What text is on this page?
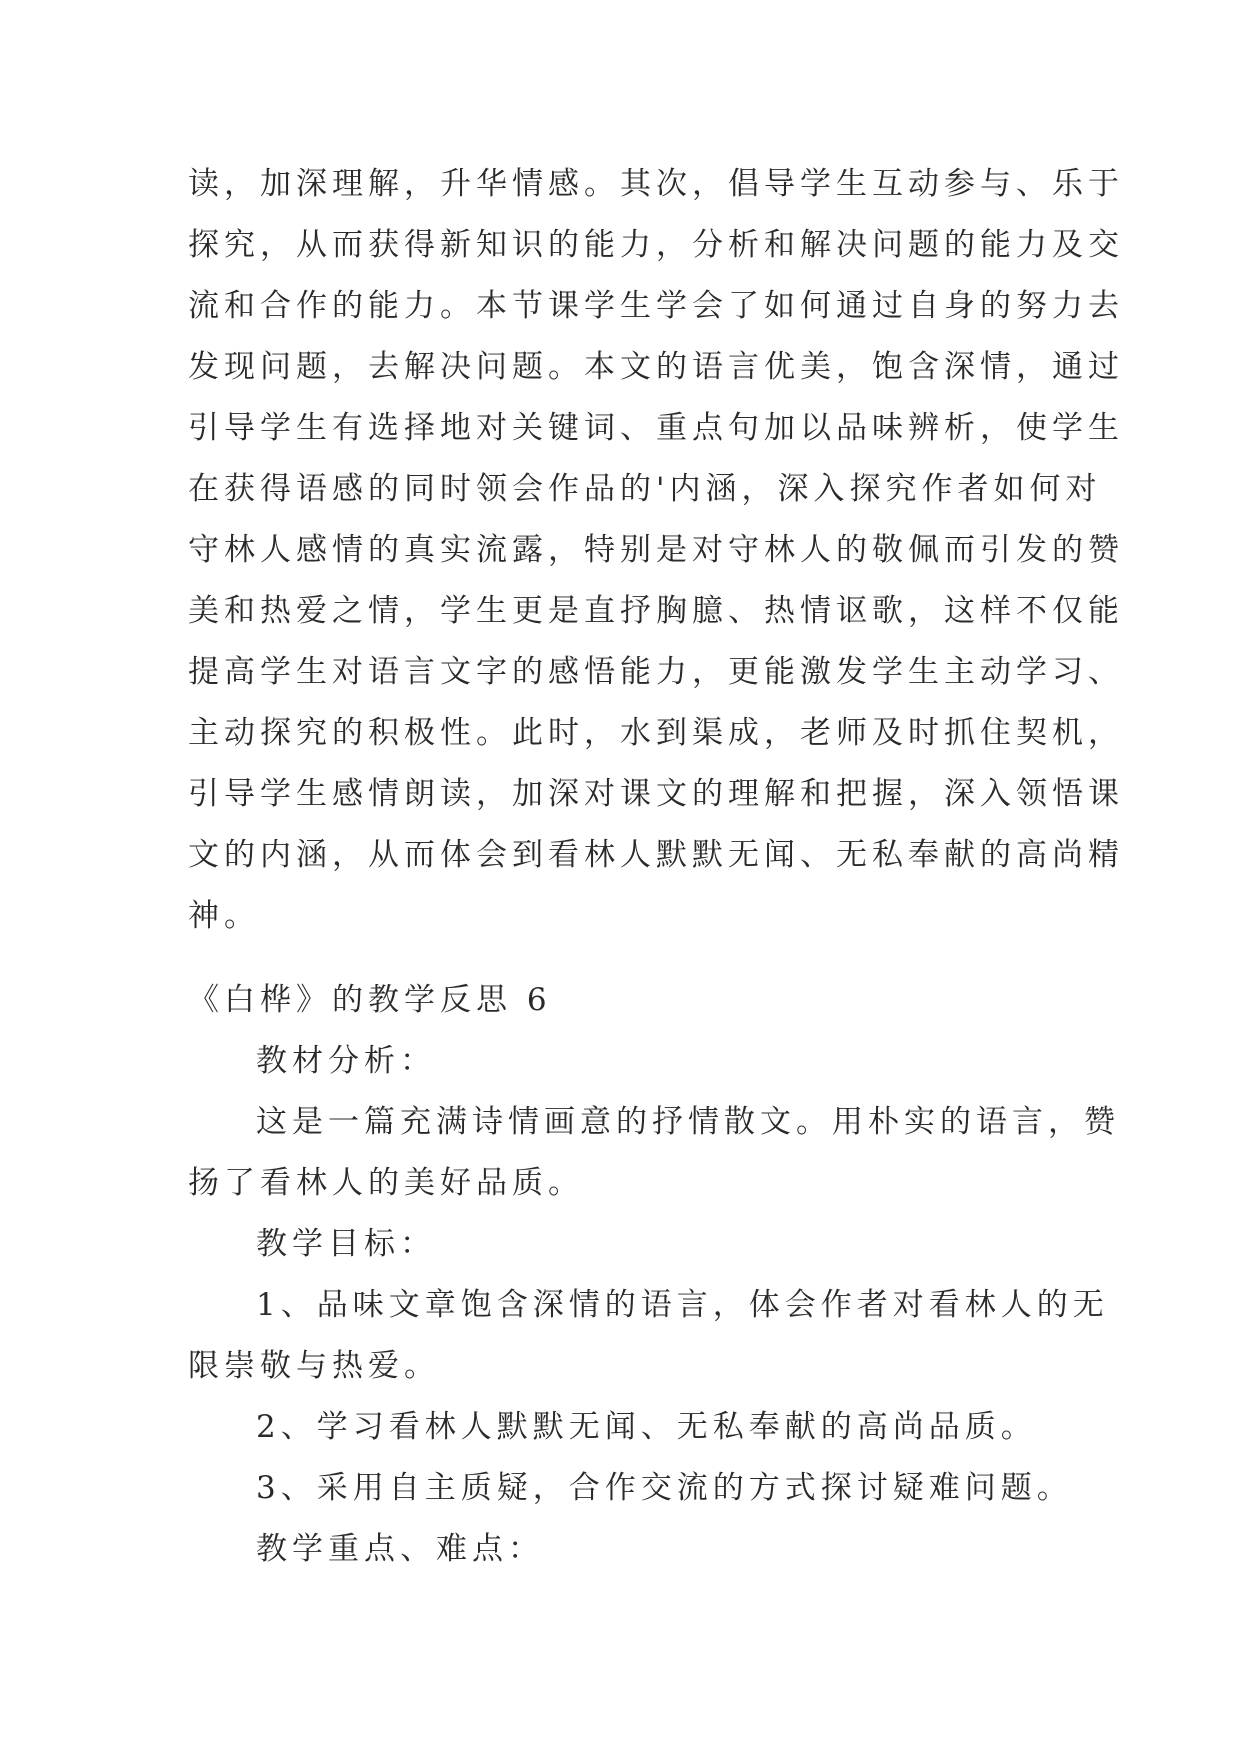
读，加深理解，升华情感。其次，倡导学生互动参与、乐于
探究，从而获得新知识的能力，分析和解决问题的能力及交
流和合作的能力。本节课学生学会了如何通过自身的努力去
发现问题，去解决问题。本文的语言优美，饱含深情，通过
引导学生有选择地对关键词、重点句加以品味辨析，使学生
在获得语感的同时领会作品的'内涵，深入探究作者如何对
守林人感情的真实流露，特别是对守林人的敬佩而引发的赞
美和热爱之情，学生更是直抒胸臆、热情讴歌，这样不仅能
提高学生对语言文字的感悟能力，更能激发学生主动学习、
主动探究的积极性。此时，水到渠成，老师及时抓住契机，
引导学生感情朗读，加深对课文的理解和把握，深入领悟课
文的内涵，从而体会到看林人默默无闻、无私奉献的高尚精
神。
《白桦》的教学反思 6
教材分析：
这是一篇充满诗情画意的抒情散文。用朴实的语言，赞
扬了看林人的美好品质。
教学目标：
1、品味文章饱含深情的语言，体会作者对看林人的无
限崇敬与热爱。
2、学习看林人默默无闻、无私奉献的高尚品质。
3、采用自主质疑，合作交流的方式探讨疑难问题。
教学重点、难点：
